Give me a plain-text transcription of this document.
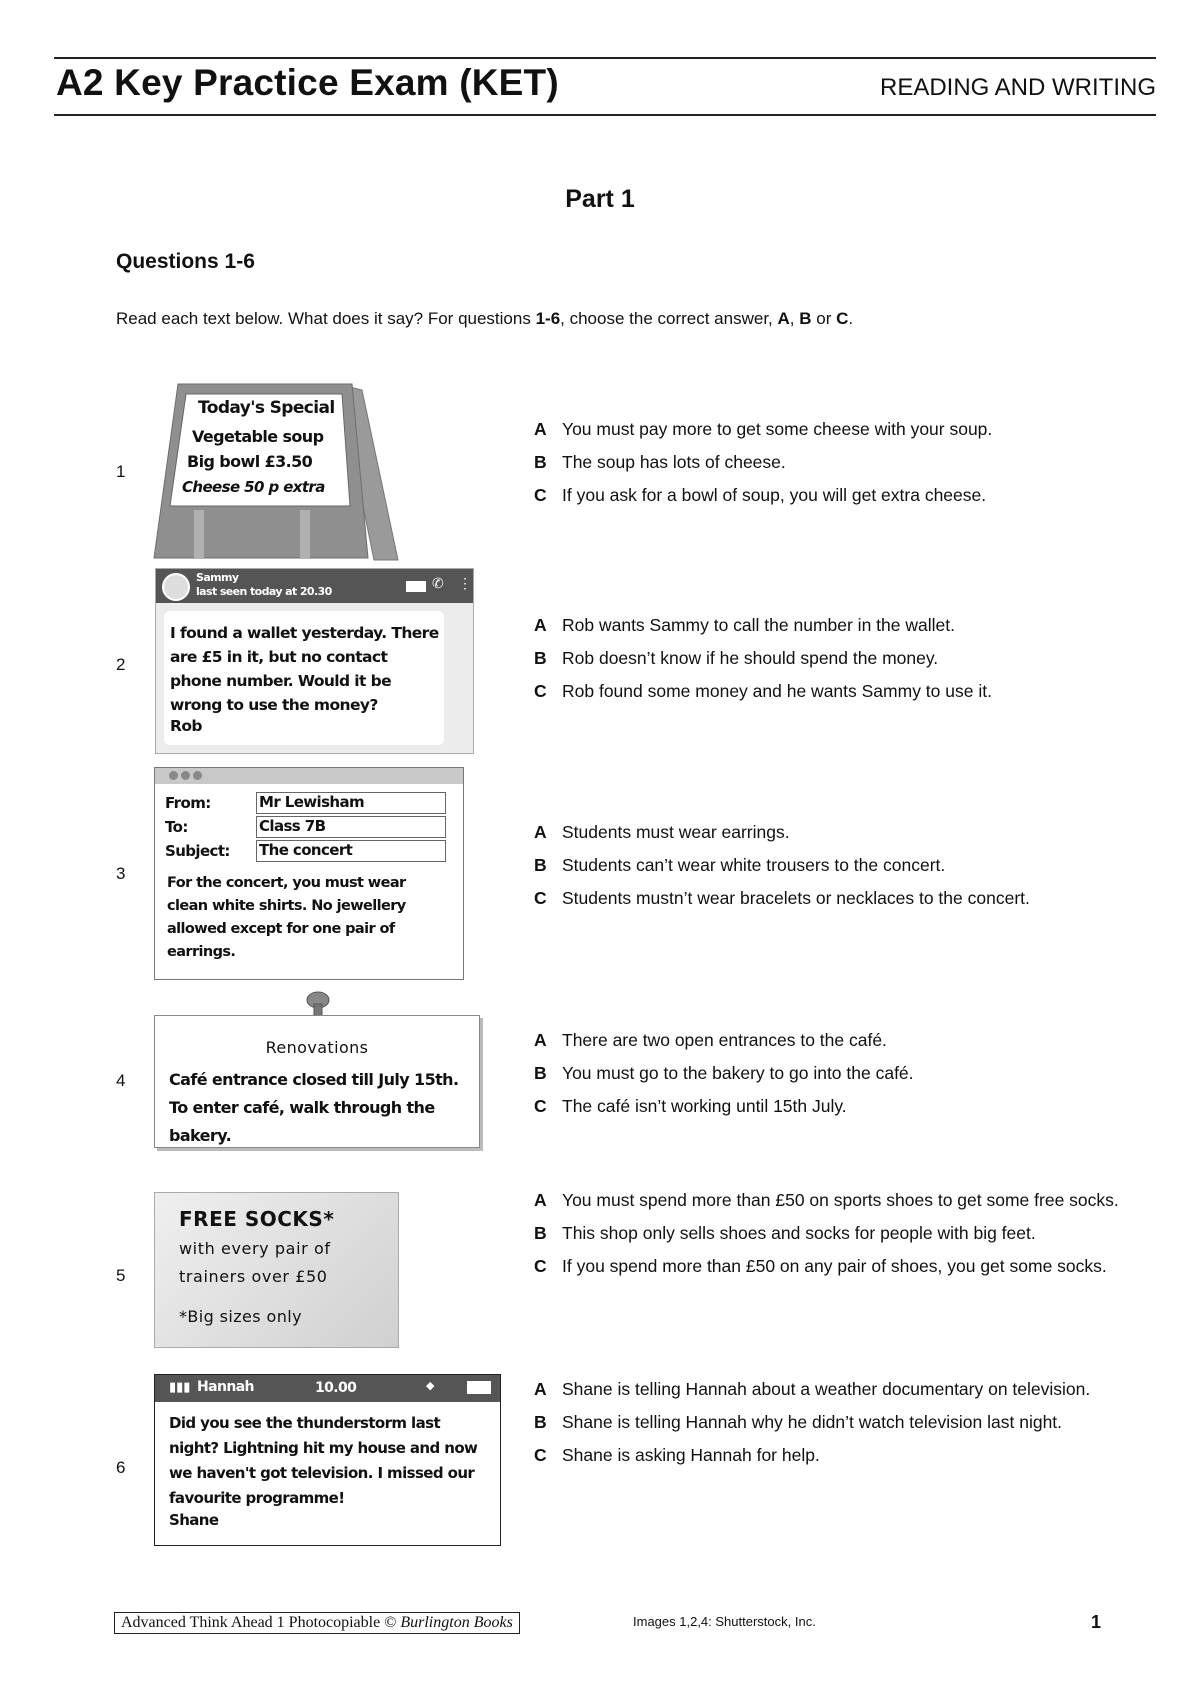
A2 Key Practice Exam (KET)	READING AND WRITING
Part 1
Questions 1-6
Read each text below. What does it say? For questions 1-6, choose the correct answer, A, B or C.
1
Today's Special
Vegetable soup
Big bowl £3.50
Cheese 50 p extra
A You must pay more to get some cheese with your soup.
B The soup has lots of cheese.
C If you ask for a bowl of soup, you will get extra cheese.
2
Sammy
last seen today at 20.30
✆ ⋮
I found a wallet yesterday. There are £5 in it, but no contact phone number. Would it be wrong to use the money?
Rob
A Rob wants Sammy to call the number in the wallet.
B Rob doesn’t know if he should spend the money.
C Rob found some money and he wants Sammy to use it.
3
From:	Mr Lewisham
To:	Class 7B
Subject: The concert
For the concert, you must wear clean white shirts. No jewellery allowed except for one pair of earrings.
A Students must wear earrings.
B Students can’t wear white trousers to the concert.
C Students mustn’t wear bracelets or necklaces to the concert.
4
Renovations
Café entrance closed till July 15th. To enter café, walk through the bakery.
A There are two open entrances to the café.
B You must go to the bakery to go into the café.
C The café isn’t working until 15th July.
5
FREE SOCKS*
with every pair of
trainers over £50
*Big sizes only
A You must spend more than £50 on sports shoes to get some free socks.
B This shop only sells shoes and socks for people with big feet.
C If you spend more than £50 on any pair of shoes, you get some socks.
6
▮▮▮ Hannah	10.00	◆
Did you see the thunderstorm last night? Lightning hit my house and now we haven't got television. I missed our favourite programme!
Shane
A Shane is telling Hannah about a weather documentary on television.
B Shane is telling Hannah why he didn’t watch television last night.
C Shane is asking Hannah for help.
Advanced Think Ahead 1 Photocopiable © Burlington Books	Images 1,2,4: Shutterstock, Inc.	1
